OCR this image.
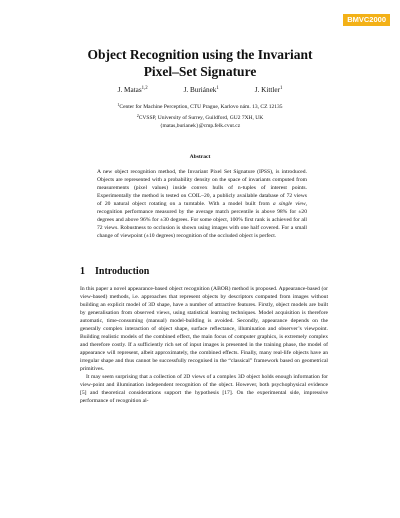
BMVC2000
Object Recognition using the Invariant
Pixel–Set Signature
J. Matas$^{1,2}$	J. Buriánek$^1$	J. Kittler$^1$
$^1$Center for Machine Perception, CTU Prague, Karlovo nám. 13, CZ 12135
$^2$CVSSP, University of Surrey, Guildford, GU2 7XH, UK
{matas,burianek}@cmp.felk.cvut.cz
Abstract
A new object recognition method, the Invariant Pixel Set Signature (IPSS), is introduced. Objects are represented with a probability density on the space of invariants computed from measurements (pixel values) inside convex hulls of n-tuples of interest points. Experimentally the method is tested on COIL–20, a publicly available database of 72 views of 20 natural object rotating on a turntable. With a model built from a single view, recognition performance measured by the average match percentile is above 98% for ±20 degrees and above 96% for ±30 degrees. For some object, 100% first rank is achieved for all 72 views. Robustness to occlusion is shown using images with one half covered. For a small change of viewpoint (±10 degrees) recognition of the occluded object is perfect.
1 Introduction

In this paper a novel appearance-based object recognition (ABOR) method is proposed. Appearance-based (or view-based) methods, i.e. approaches that represent objects by descriptors computed from images without building an explicit model of 3D shape, have a number of attractive features. Firstly, object models are built by generalisation from observed views, using statistical learning techniques. Model acquisition is therefore automatic, time-consuming (manual) model-building is avoided. Secondly, appearance depends on the generally complex interaction of object shape, surface reflectance, illumination and observer’s viewpoint. Building realistic models of the combined effect, the main focus of computer graphics, is extremely complex and therefore costly. If a sufficiently rich set of input images is presented in the training phase, the model of appearance will represent, albeit approximately, the combined effects. Finally, many real-life objects have an irregular shape and thus cannot be successfully recognised in the “classical” framework based on geometrical primitives.

It may seem surprising that a collection of 2D views of a complex 3D object holds enough information for view-point and illumination independent recognition of the object. However, both psychophysical evidence [5] and theoretical considerations support the hypothesis [17]. On the experimental side, impressive performance of recognition al-
